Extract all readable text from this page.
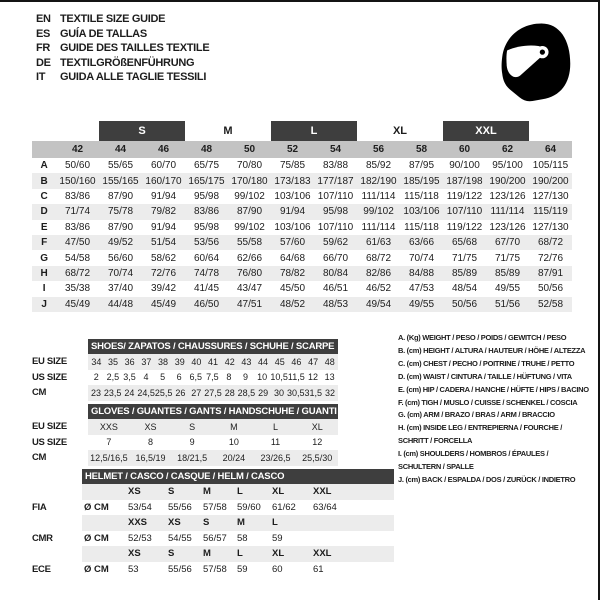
EN TEXTILE SIZE GUIDE
ES GUÍA DE TALLAS
FR GUIDE DES TAILLES TEXTILE
DE TEXTILGRÖßENFÜHRUNG
IT	GUIDA ALLE TAGLIE TESSILI
S	M	L	XL	XXL
42	44	46	48	50	52	54	56	58	60	62	64
A	50/60	55/65	60/70	65/75	70/80	75/85	83/88	85/92	87/95	90/100	95/100	105/115
B	150/160 155/165 160/170 165/175 170/180 173/183 177/187 182/190 185/195 187/198 190/200 190/200
C	83/86	87/90	91/94	95/98	99/102 103/106 107/110 111/114 115/118 119/122 123/126 127/130
D	71/74	75/78	79/82	83/86	87/90	91/94	95/98	99/102 103/106 107/110 111/114 115/119
E	83/86	87/90	91/94	95/98	99/102 103/106 107/110 111/114 115/118 119/122 123/126 127/130
F	47/50	49/52	51/54	53/56	55/58	57/60	59/62	61/63	63/66	65/68	67/70	68/72
G	54/58	56/60	58/62	60/64	62/66	64/68	66/70	68/72	70/74	71/75	71/75	72/76
H	68/72	70/74	72/76	74/78	76/80	78/82	80/84	82/86	84/88	85/89	85/89	87/91
I	35/38	37/40	39/42	41/45	43/47	45/50	46/51	46/52	47/53	48/54	49/55	50/56
J	45/49	44/48	45/49	46/50	47/51	48/52	48/53	49/54	49/55	50/56	51/56	52/58
SHOES/ ZAPATOS / CHAUSSURES / SCHUHE / SCARPE
EU SIZE	34 35 36 37 38 39 40 41 42 43 44 45 46 47 48
US SIZE	2 2,5 3,5 4	5	6 6,5 7,5 8	9	10 10,5 11,5 12 13
CM	23 23,5 24 24,5 25,5 26 27 27,5 28 28,5 29 30 30,5 31,5 32
GLOVES / GUANTES / GANTS / HANDSCHUHE / GUANTI
EU SIZE	XXS	XS	S	M	L	XL
US SIZE	7	8	9	10	11	12
CM	12,5/16,5 16,5/19	18/21,5	20/24	23/26,5	25,5/30
HELMET / CASCO / CASQUE / HELM / CASCO
XS	S	M	L	XL	XXL
FIA	Ø CM	53/54	55/56	57/58	59/60	61/62	63/64
XXS	XS	S	M	L
CMR	Ø CM	52/53	54/55	56/57	58	59
XS	S	M	L	XL	XXL
ECE	Ø CM	53	55/56	57/58	59	60	61
A. (Kg) WEIGHT / PESO / POIDS / GEWITCH / PESO
B. (cm) HEIGHT / ALTURA / HAUTEUR / HÖHE / ALTEZZA
C. (cm) CHEST / PECHO / POITRINE / TRUHE / PETTO
D. (cm) WAIST / CINTURA / TAILLE / HÜFTUNG / VITA
E. (cm) HIP / CADERA / HANCHE / HÜFTE / HIPS / BACINO
F. (cm) TIGH / MUSLO / CUISSE / SCHENKEL / COSCIA
G. (cm) ARM / BRAZO / BRAS / ARM / BRACCIO
H. (cm) INSIDE LEG / ENTREPIERNA / FOURCHE / SCHRITT / FORCELLA
I. (cm) SHOULDERS / HOMBROS / ÉPAULES / SCHULTERN / SPALLE
J. (cm) BACK / ESPALDA / DOS / ZURÜCK / INDIETRO
